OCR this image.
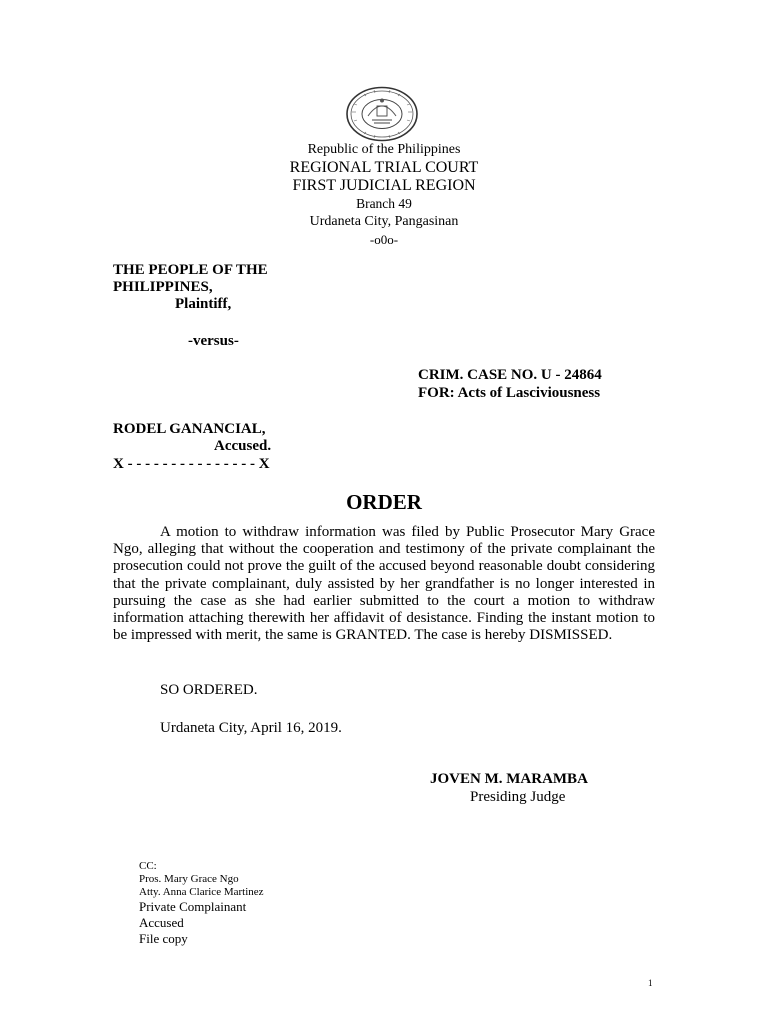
Republic of the Philippines
REGIONAL TRIAL COURT
FIRST JUDICIAL REGION
Branch 49
Urdaneta City, Pangasinan
-o0o-
THE PEOPLE OF THE
PHILIPPINES,
Plaintiff,
-versus-
CRIM. CASE NO. U - 24864
FOR: Acts of Lasciviousness
RODEL GANANCIAL,
Accused.
X - - - - - - - - - - - - - - - X
ORDER
A motion to withdraw information was filed by Public Prosecutor Mary Grace Ngo, alleging that without the cooperation and testimony of the private complainant the prosecution could not prove the guilt of the accused beyond reasonable doubt considering that the private complainant, duly assisted by her grandfather is no longer interested in pursuing the case as she had earlier submitted to the court a motion to withdraw information attaching therewith her affidavit of desistance. Finding the instant motion to be impressed with merit, the same is GRANTED. The case is hereby DISMISSED.
SO ORDERED.
Urdaneta City, April 16, 2019.
JOVEN M. MARAMBA
Presiding Judge
CC:
Pros. Mary Grace Ngo
Atty. Anna Clarice Martinez
Private Complainant
Accused
File copy
1
